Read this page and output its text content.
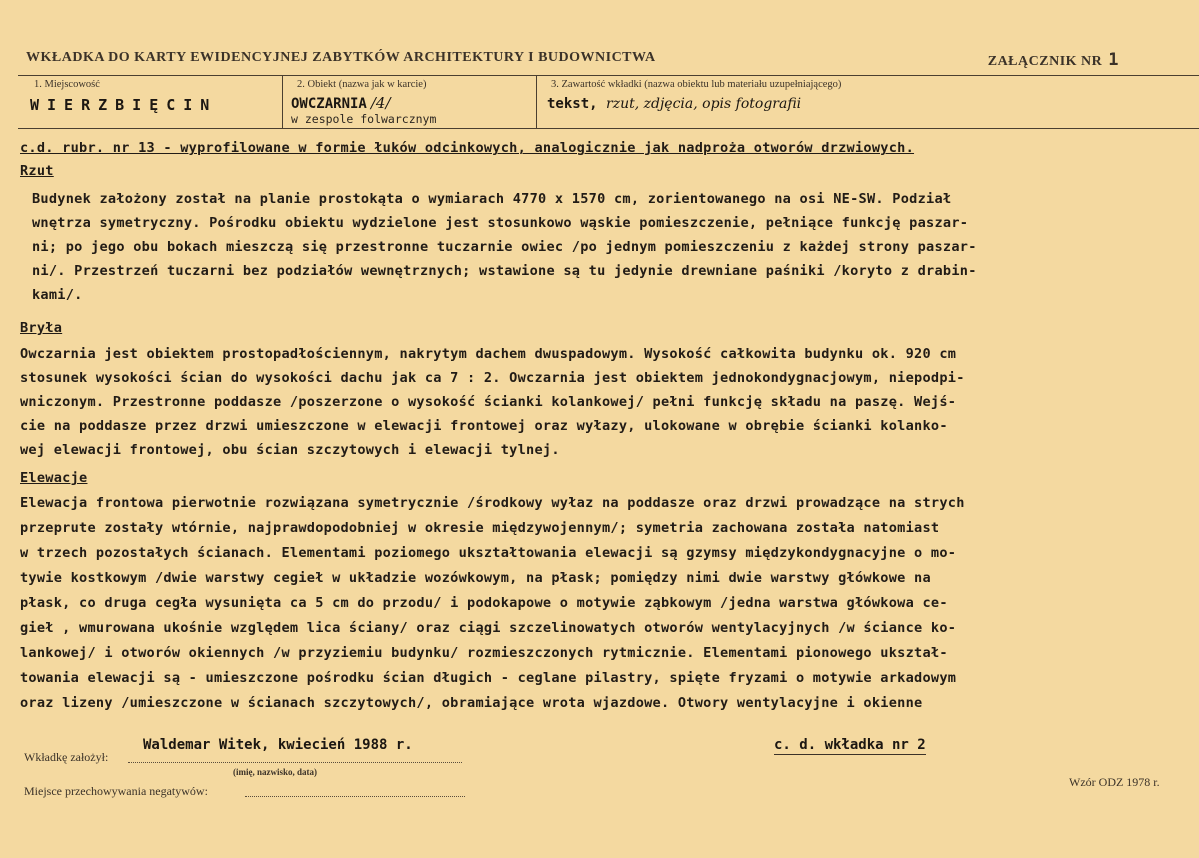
WKŁADKA DO KARTY EWIDENCYJNEJ ZABYTKÓW ARCHITEKTURY I BUDOWNICTWA	ZAŁĄCZNIK NR 1
1. Miejscowość
WIERZBIĘCIN
2. Obiekt (nazwa jak w karcie)
OWCZARNIA /4/
w zespole folwarcznym
3. Zawartość wkładki (nazwa obiektu lub materiału uzupełniającego)
tekst, rzut, zdjęcia, opis fotografii
c.d. rubr. nr 13 - wyprofilowane w formie łuków odcinkowych, analogicznie jak nadproża otworów drzwiowych.
Rzut
Budynek założony został na planie prostokąta o wymiarach 4770 x 1570 cm, zorientowanego na osi NE-SW. Podział
wnętrza symetryczny. Pośrodku obiektu wydzielone jest stosunkowo wąskie pomieszczenie, pełniące funkcję paszar-
ni; po jego obu bokach mieszczą się przestronne tuczarnie owiec /po jednym pomieszczeniu z każdej strony paszar-
ni/. Przestrzeń tuczarni bez podziałów wewnętrznych; wstawione są tu jedynie drewniane paśniki /koryto z drabin-
kami/.
Bryła
Owczarnia jest obiektem prostopadłościennym, nakrytym dachem dwuspadowym. Wysokość całkowita budynku ok. 920 cm
stosunek wysokości ścian do wysokości dachu jak ca 7 : 2. Owczarnia jest obiektem jednokondygnacjowym, niepodpi-
wniczonym. Przestronne poddasze /poszerzone o wysokość ścianki kolankowej/ pełni funkcję składu na paszę. Wejś-
cie na poddasze przez drzwi umieszczone w elewacji frontowej oraz wyłazy, ulokowane w obrębie ścianki kolanko-
wej elewacji frontowej, obu ścian szczytowych i elewacji tylnej.
Elewacje
Elewacja frontowa pierwotnie rozwiązana symetrycznie /środkowy wyłaz na poddasze oraz drzwi prowadzące na strych
przeprute zostały wtórnie, najprawdopodobniej w okresie międzywojennym/; symetria zachowana została natomiast
w trzech pozostałych ścianach. Elementami poziomego ukształtowania elewacji są gzymsy międzykondygnacyjne o mo-
tywie kostkowym /dwie warstwy cegieł w układzie wozówkowym, na płask; pomiędzy nimi dwie warstwy główkowe na
płask, co druga cegła wysunięta ca 5 cm do przodu/ i podokapowe o motywie ząbkowym /jedna warstwa główkowa ce-
gieł , wmurowana ukośnie względem lica ściany/ oraz ciągi szczelinowatych otworów wentylacyjnych /w ściance ko-
lankowej/ i otworów okiennych /w przyziemiu budynku/ rozmieszczonych rytmicznie. Elementami pionowego ukształ-
towania elewacji są - umieszczone pośrodku ścian długich - ceglane pilastry, spięte fryzami o motywie arkadowym
oraz lizeny /umieszczone w ścianach szczytowych/, obramiające wrota wjazdowe. Otwory wentylacyjne i okienne
Wkładkę założył:
Waldemar Witek, kwiecień 1988 r.
(imię, nazwisko, data)
c. d. wkładka nr 2
Miejsce przechowywania negatywów:
Wzór ODZ 1978 r.
